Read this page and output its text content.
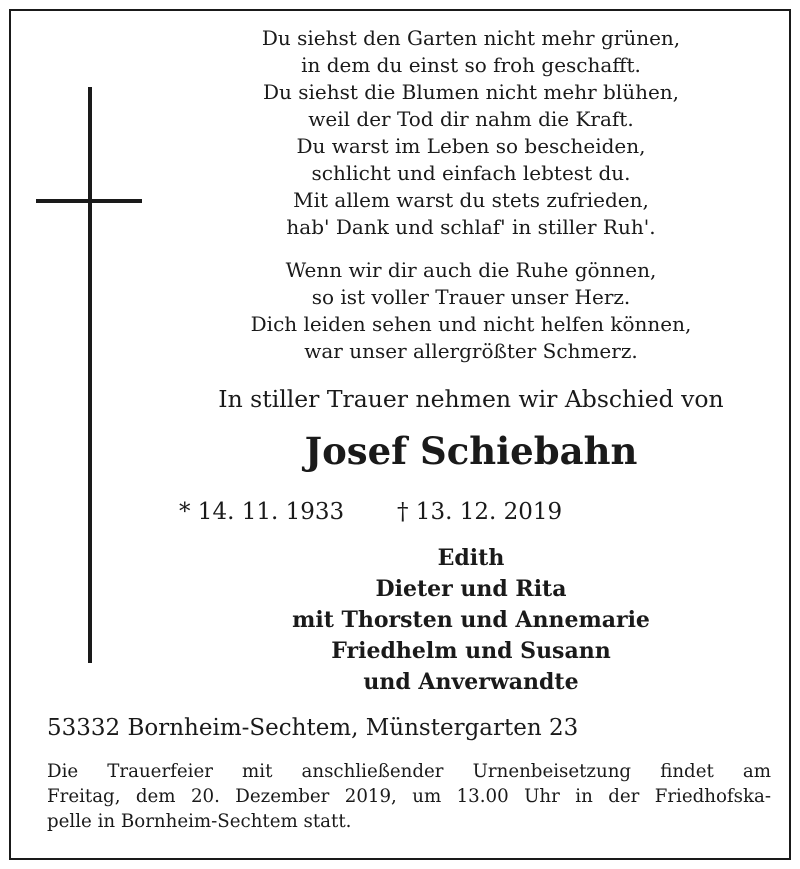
Du siehst den Garten nicht mehr grünen,
in dem du einst so froh geschafft.
Du siehst die Blumen nicht mehr blühen,
weil der Tod dir nahm die Kraft.
Du warst im Leben so bescheiden,
schlicht und einfach lebtest du.
Mit allem warst du stets zufrieden,
hab' Dank und schlaf' in stiller Ruh'.
Wenn wir dir auch die Ruhe gönnen,
so ist voller Trauer unser Herz.
Dich leiden sehen und nicht helfen können,
war unser allergrößter Schmerz.
In stiller Trauer nehmen wir Abschied von
Josef Schiebahn
* 14. 11. 1933 † 13. 12. 2019
Edith
Dieter und Rita
mit Thorsten und Annemarie
Friedhelm und Susann
und Anverwandte
53332 Bornheim-Sechtem, Münstergarten 23
Die Trauerfeier mit anschließender Urnenbeisetzung findet am
Freitag, dem 20. Dezember 2019, um 13.00 Uhr in der Friedhofska-
pelle in Bornheim-Sechtem statt.
